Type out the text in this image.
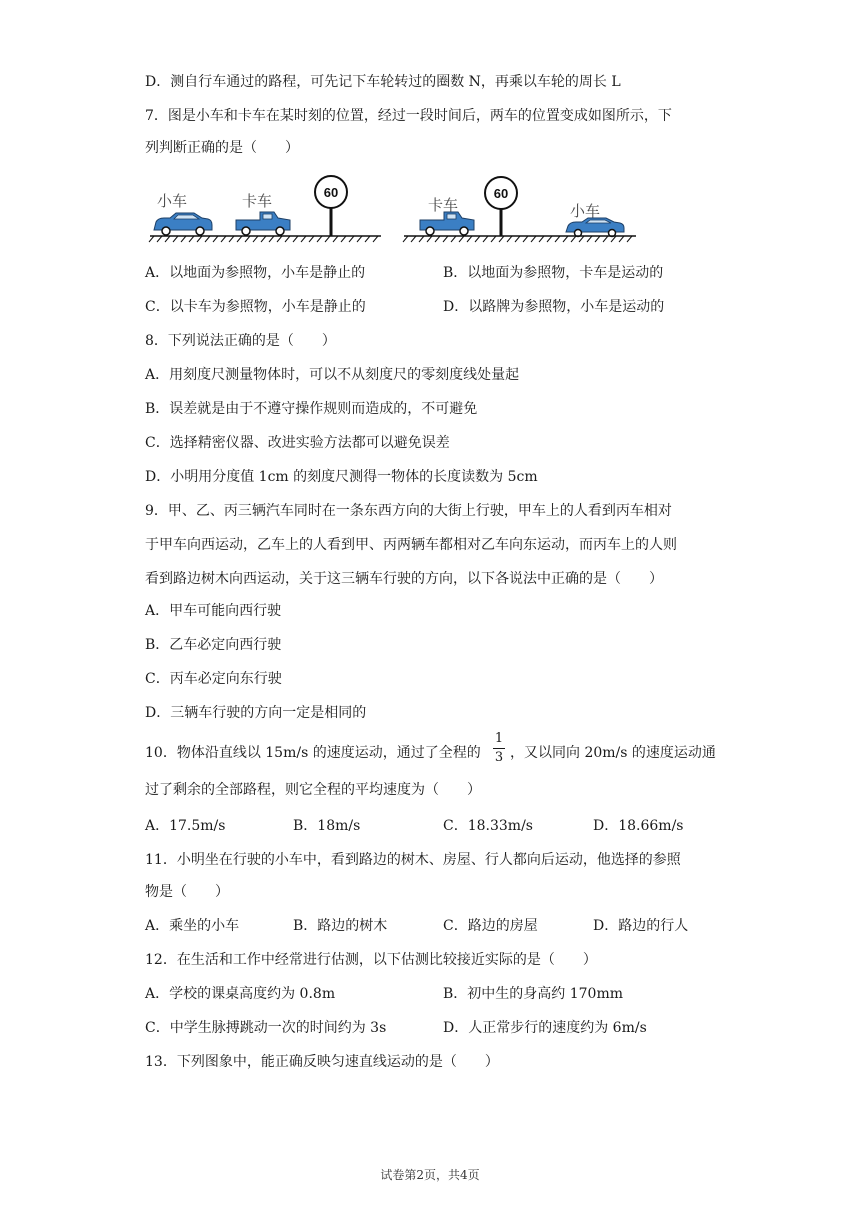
D．测自行车通过的路程，可先记下车轮转过的圈数 N，再乘以车轮的周长 L
7．图是小车和卡车在某时刻的位置，经过一段时间后，两车的位置变成如图所示，下
列判断正确的是（　　）
小车	卡车
60
卡车	小车
60
A．以地面为参照物，小车是静止的	B．以地面为参照物，卡车是运动的
C．以卡车为参照物，小车是静止的	D．以路牌为参照物，小车是运动的
8．下列说法正确的是（　　）
A．用刻度尺测量物体时，可以不从刻度尺的零刻度线处量起
B．误差就是由于不遵守操作规则而造成的，不可避免
C．选择精密仪器、改进实验方法都可以避免误差
D．小明用分度值 1cm 的刻度尺测得一物体的长度读数为 5cm
9．甲、乙、丙三辆汽车同时在一条东西方向的大街上行驶，甲车上的人看到丙车相对
于甲车向西运动，乙车上的人看到甲、丙两辆车都相对乙车向东运动，而丙车上的人则
看到路边树木向西运动，关于这三辆车行驶的方向，以下各说法中正确的是（　　）
A．甲车可能向西行驶
B．乙车必定向西行驶
C．丙车必定向东行驶
D．三辆车行驶的方向一定是相同的
10．物体沿直线以 15m/s 的速度运动，通过了全程的
1
3 ，又以同向 20m/s 的速度运动通
过了剩余的全部路程，则它全程的平均速度为（　　）
A．17.5m/s	B．18m/s	C．18.33m/s	D．18.66m/s
11．小明坐在行驶的小车中，看到路边的树木、房屋、行人都向后运动，他选择的参照
物是（　　）
A．乘坐的小车	B．路边的树木	C．路边的房屋	D．路边的行人
12．在生活和工作中经常进行估测，以下估测比较接近实际的是（　　）
A．学校的课桌高度约为 0.8m	B．初中生的身高约 170mm
C．中学生脉搏跳动一次的时间约为 3s	D．人正常步行的速度约为 6m/s
13．下列图象中，能正确反映匀速直线运动的是（　　）
试卷第2页，共4页
